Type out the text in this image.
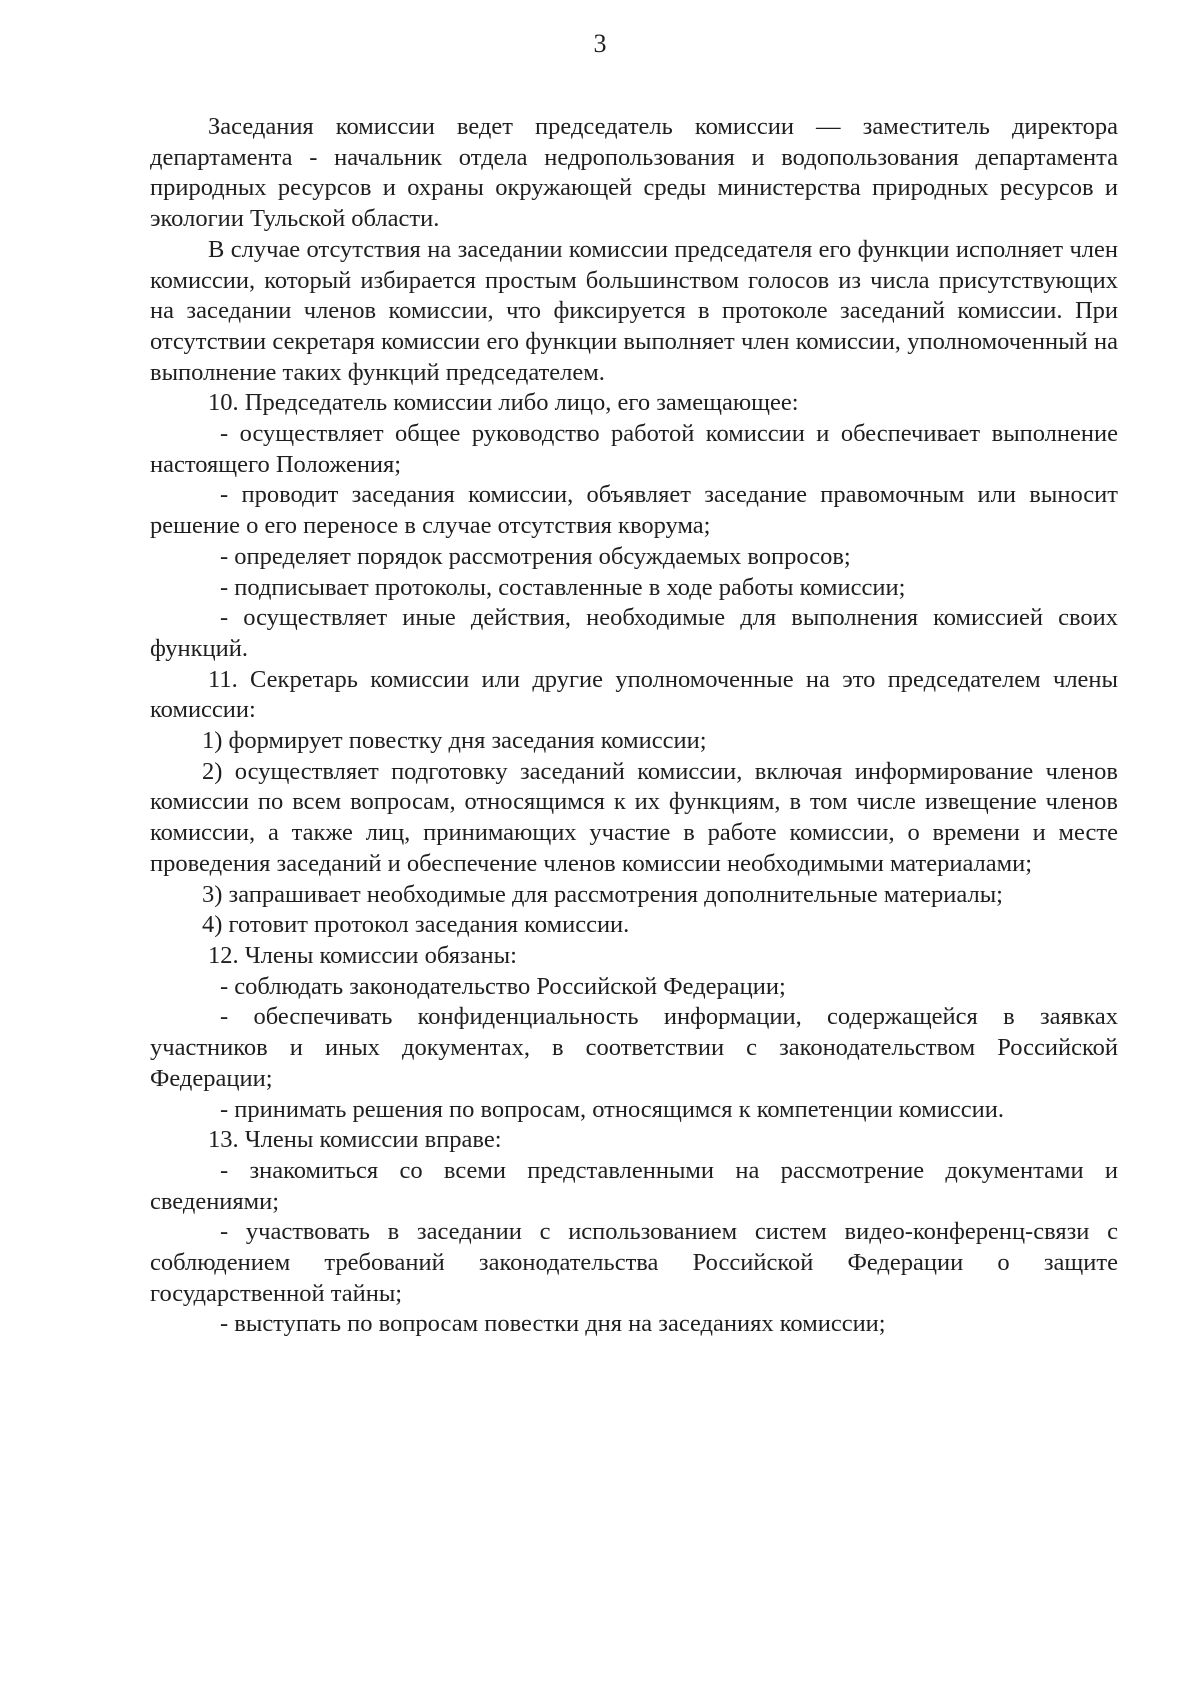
3

Заседания комиссии ведет председатель комиссии — заместитель директора департамента - начальник отдела недропользования и водопользования департамента природных ресурсов и охраны окружающей среды министерства природных ресурсов и экологии Тульской области.

В случае отсутствия на заседании комиссии председателя его функции исполняет член комиссии, который избирается простым большинством голосов из числа присутствующих на заседании членов комиссии, что фиксируется в протоколе заседаний комиссии. При отсутствии секретаря комиссии его функции выполняет член комиссии, уполномоченный на выполнение таких функций председателем.

10. Председатель комиссии либо лицо, его замещающее:

- осуществляет общее руководство работой комиссии и обеспечивает выполнение настоящего Положения;

- проводит заседания комиссии, объявляет заседание правомочным или выносит решение о его переносе в случае отсутствия кворума;

- определяет порядок рассмотрения обсуждаемых вопросов;

- подписывает протоколы, составленные в ходе работы комиссии;

- осуществляет иные действия, необходимые для выполнения комиссией своих функций.

11. Секретарь комиссии или другие уполномоченные на это председателем члены комиссии:

1) формирует повестку дня заседания комиссии;

2) осуществляет подготовку заседаний комиссии, включая информирование членов комиссии по всем вопросам, относящимся к их функциям, в том числе извещение членов комиссии, а также лиц, принимающих участие в работе комиссии, о времени и месте проведения заседаний и обеспечение членов комиссии необходимыми материалами;

3) запрашивает необходимые для рассмотрения дополнительные материалы;

4) готовит протокол заседания комиссии.

12. Члены комиссии обязаны:

- соблюдать законодательство Российской Федерации;

- обеспечивать конфиденциальность информации, содержащейся в заявках участников и иных документах, в соответствии с законодательством Российской Федерации;

- принимать решения по вопросам, относящимся к компетенции комиссии.

13. Члены комиссии вправе:

- знакомиться со всеми представленными на рассмотрение документами и сведениями;

- участвовать в заседании с использованием систем видео-конференц-связи с соблюдением требований законодательства Российской Федерации о защите государственной тайны;

- выступать по вопросам повестки дня на заседаниях комиссии;
